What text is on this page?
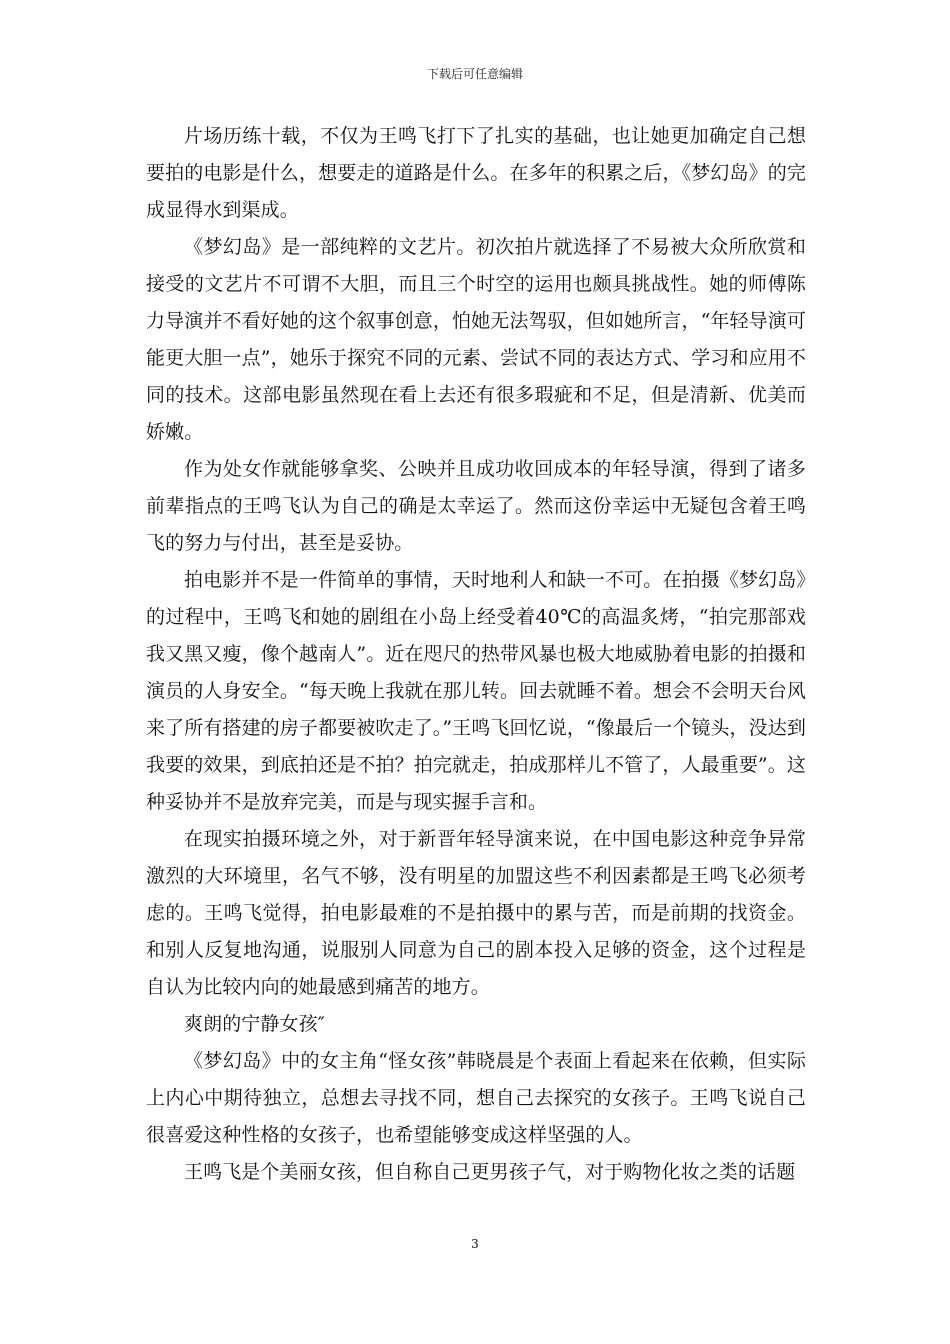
下载后可任意编辑

片场历练十载，不仅为王鸣飞打下了扎实的基础，也让她更加确定自己想要拍的电影是什么，想要走的道路是什么。在多年的积累之后，《梦幻岛》的完成显得水到渠成。

《梦幻岛》是一部纯粹的文艺片。初次拍片就选择了不易被大众所欣赏和接受的文艺片不可谓不大胆，而且三个时空的运用也颇具挑战性。她的师傅陈力导演并不看好她的这个叙事创意，怕她无法驾驭，但如她所言，“年轻导演可能更大胆一点”，她乐于探究不同的元素、尝试不同的表达方式、学习和应用不同的技术。这部电影虽然现在看上去还有很多瑕疵和不足，但是清新、优美而娇嫩。

作为处女作就能够拿奖、公映并且成功收回成本的年轻导演，得到了诸多前辈指点的王鸣飞认为自己的确是太幸运了。然而这份幸运中无疑包含着王鸣飞的努力与付出，甚至是妥协。

拍电影并不是一件简单的事情，天时地利人和缺一不可。在拍摄《梦幻岛》的过程中，王鸣飞和她的剧组在小岛上经受着40℃的高温炙烤，“拍完那部戏我又黑又瘦，像个越南人”。近在咫尺的热带风暴也极大地威胁着电影的拍摄和演员的人身安全。“每天晚上我就在那儿转。回去就睡不着。想会不会明天台风来了所有搭建的房子都要被吹走了。”王鸣飞回忆说，“像最后一个镜头，没达到我要的效果，到底拍还是不拍？拍完就走，拍成那样儿不管了，人最重要”。这种妥协并不是放弃完美，而是与现实握手言和。

在现实拍摄环境之外，对于新晋年轻导演来说，在中国电影这种竞争异常激烈的大环境里，名气不够，没有明星的加盟这些不利因素都是王鸣飞必须考虑的。王鸣飞觉得，拍电影最难的不是拍摄中的累与苦，而是前期的找资金。和别人反复地沟通，说服别人同意为自己的剧本投入足够的资金，这个过程是自认为比较内向的她最感到痛苦的地方。

爽朗的宁静女孩″

《梦幻岛》中的女主角“怪女孩”韩晓晨是个表面上看起来在依赖，但实际上内心中期待独立，总想去寻找不同，想自己去探究的女孩子。王鸣飞说自己很喜爱这种性格的女孩子，也希望能够变成这样坚强的人。

王鸣飞是个美丽女孩，但自称自己更男孩子气，对于购物化妆之类的话题

3
